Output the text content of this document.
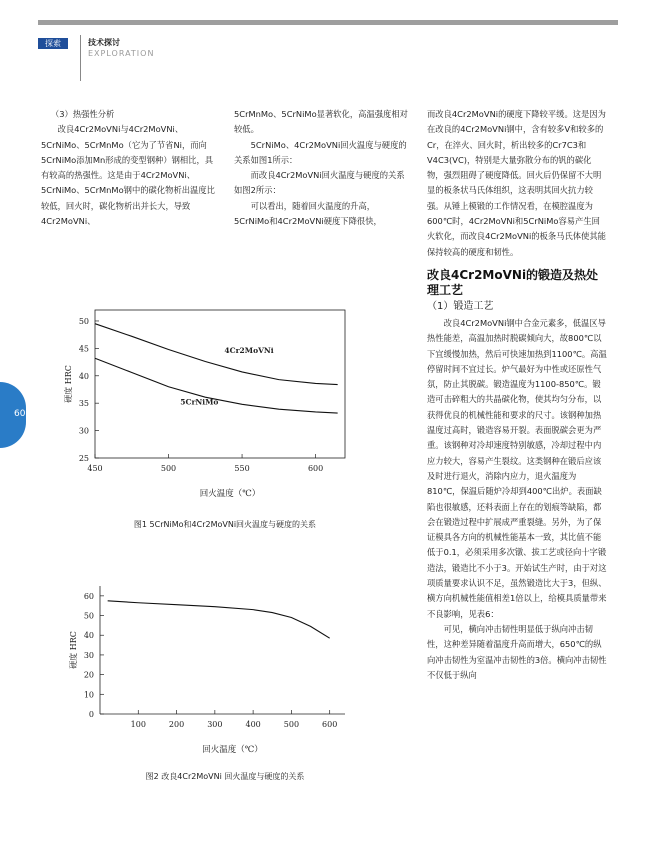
探索	技术探讨
EXPLORATION
60

（3）热强性分析

改良4Cr2MoVNi与4Cr2MoVNi、5CrNiMo、5CrMnMo（它为了节省Ni，而向5CrNiMo添加Mn形成的变型钢种）钢相比，具有较高的热强性。这是由于4Cr2MoVNi、5CrNiMo、5CrMnMo钢中的碳化物析出温度比较低，回火时，碳化物析出并长大，导致4Cr2MoVNi、

5CrMnMo、5CrNiMo显著软化，高温强度相对较低。

5CrNiMo、4Cr2MoVNi回火温度与硬度的关系如图1所示：

而改良4Cr2MoVNi回火温度与硬度的关系如图2所示：

可以看出，随着回火温度的升高，5CrNiMo和4Cr2MoVNi硬度下降很快，

而改良4Cr2MoVNi的硬度下降较平缓。这是因为在改良的4Cr2MoVNi钢中，含有较多V和较多的Cr，在淬火、回火时，析出较多的Cr7C3和V4C3(VC)，特别是大量弥散分布的钒的碳化物，强烈阻碍了硬度降低。回火后仍保留不大明显的板条状马氏体组织，这表明其回火抗力较强。从锤上模锻的工作情况看，在模腔温度为600℃时，4Cr2MoVNi和5CrNiMo容易产生回火软化，而改良4Cr2MoVNi的板条马氏体使其能保持较高的硬度和韧性。

改良4Cr2MoVNi的锻造及热处理工艺
（1）锻造工艺

改良4Cr2MoVNi钢中合金元素多，低温区导热性能差，高温加热时脱碳倾向大，故800℃以下宜缓慢加热，然后可快速加热到1100℃。高温停留时间不宜过长。炉气最好为中性或还原性气氛，防止其脱碳。锻造温度为1100-850℃。锻造可击碎粗大的共晶碳化物，使其均匀分布，以获得优良的机械性能和要求的尺寸。该钢种加热温度过高时，锻造容易开裂。表面脱碳会更为严重。该钢种对冷却速度特别敏感，冷却过程中内应力较大，容易产生裂纹。这类钢种在锻后应该及时进行退火，消除内应力，退火温度为810℃，保温后随炉冷却到400℃出炉。表面缺陷也很敏感，还料表面上存在的划痕等缺陷，都会在锻造过程中扩展成严重裂缝。另外，为了保证模具各方向的机械性能基本一致，其比值不能低于0.1，必须采用多次镦、拔工艺或径向十字锻造法，锻造比不小于3。开始试生产时，由于对这项质量要求认识不足，虽然锻造比大于3，但纵、横方向机械性能值相差1倍以上，给模具质量带来不良影响，见表6：

可见，横向冲击韧性明显低于纵向冲击韧性，这种差异随着温度升高而增大，650℃的纵向冲击韧性为室温冲击韧性的3倍。横向冲击韧性不仅低于纵向

25
30
35
40
45
50
450	500	550	600
硬度 HRC
回火温度（℃）
4Cr2MoVNi
5CrNiMo
图1 5CrNiMo和4Cr2MoVNi回火温度与硬度的关系
0
10
20
30
40
50
60
100	200	300	400	500	600
硬度 HRC
回火温度（℃）
图2 改良4Cr2MoVNi 回火温度与硬度的关系
